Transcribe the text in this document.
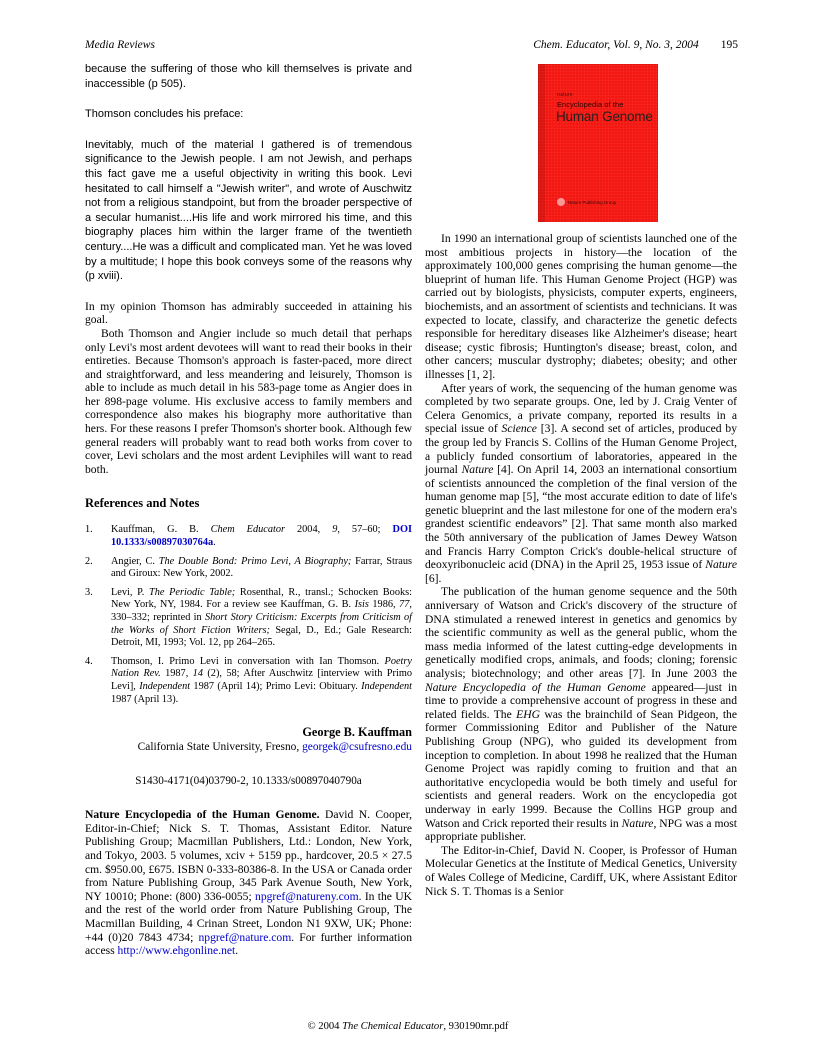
Media Reviews	Chem. Educator, Vol. 9, No. 3, 2004 195

because the suffering of those who kill themselves is private and inaccessible (p 505).

Thomson concludes his preface:

Inevitably, much of the material I gathered is of tremendous significance to the Jewish people. I am not Jewish, and perhaps this fact gave me a useful objectivity in writing this book. Levi hesitated to call himself a "Jewish writer", and wrote of Auschwitz not from a religious standpoint, but from the broader perspective of a secular humanist....His life and work mirrored his time, and this biography places him within the larger frame of the twentieth century....He was a difficult and complicated man. Yet he was loved by a multitude; I hope this book conveys some of the reasons why (p xviii).

In my opinion Thomson has admirably succeeded in attaining his goal.

Both Thomson and Angier include so much detail that perhaps only Levi's most ardent devotees will want to read their books in their entireties. Because Thomson's approach is faster-paced, more direct and straightforward, and less meandering and leisurely, Thomson is able to include as much detail in his 583-page tome as Angier does in her 898-page volume. His exclusive access to family members and correspondence also makes his biography more authoritative than hers. For these reasons I prefer Thomson's shorter book. Although few general readers will probably want to read both works from cover to cover, Levi scholars and the most ardent Leviphiles will want to read both.

References and Notes
1.	Kauffman, G. B. Chem Educator 2004, 9, 57–60; DOI 10.1333/s00897030764a.
2.	Angier, C. The Double Bond: Primo Levi, A Biography; Farrar, Straus and Giroux: New York, 2002.
3.	Levi, P. The Periodic Table; Rosenthal, R., transl.; Schocken Books: New York, NY, 1984. For a review see Kauffman, G. B. Isis 1986, 77, 330–332; reprinted in Short Story Criticism: Excerpts from Criticism of the Works of Short Fiction Writers; Segal, D., Ed.; Gale Research: Detroit, MI, 1993; Vol. 12, pp 264–265.
4.	Thomson, I. Primo Levi in conversation with Ian Thomson. Poetry Nation Rev. 1987, 14 (2), 58; After Auschwitz [interview with Primo Levi], Independent 1987 (April 14); Primo Levi: Obituary. Independent 1987 (April 13).

George B. Kauffman

California State University, Fresno, georgek@csufresno.edu

S1430-4171(04)03790-2, 10.1333/s00897040790a

Nature Encyclopedia of the Human Genome. David N. Cooper, Editor-in-Chief; Nick S. T. Thomas, Assistant Editor. Nature Publishing Group; Macmillan Publishers, Ltd.: London, New York, and Tokyo, 2003. 5 volumes, xciv + 5159 pp., hardcover, 20.5 × 27.5 cm. $950.00, £675. ISBN 0-333-80386-8. In the USA or Canada order from Nature Publishing Group, 345 Park Avenue South, New York, NY 10010; Phone: (800) 336-0055; npgref@natureny.com. In the UK and the rest of the world order from Nature Publishing Group, The Macmillan Building, 4 Crinan Street, London N1 9XW, UK; Phone: +44 (0)20 7843 4734; npgref@nature.com. For further information access http://www.ehgonline.net.

nature
Encyclopedia of the
Human Genome
Nature Publishing Group

In 1990 an international group of scientists launched one of the most ambitious projects in history—the location of the approximately 100,000 genes comprising the human genome—the blueprint of human life. This Human Genome Project (HGP) was carried out by biologists, physicists, computer experts, engineers, biochemists, and an assortment of scientists and technicians. It was expected to locate, classify, and characterize the genetic defects responsible for hereditary diseases like Alzheimer's disease; heart disease; cystic fibrosis; Huntington's disease; breast, colon, and other cancers; muscular dystrophy; diabetes; obesity; and other illnesses [1, 2].

After years of work, the sequencing of the human genome was completed by two separate groups. One, led by J. Craig Venter of Celera Genomics, a private company, reported its results in a special issue of Science [3]. A second set of articles, produced by the group led by Francis S. Collins of the Human Genome Project, a publicly funded consortium of laboratories, appeared in the journal Nature [4]. On April 14, 2003 an international consortium of scientists announced the completion of the final version of the human genome map [5], “the most accurate edition to date of life's genetic blueprint and the last milestone for one of the modern era's grandest scientific endeavors” [2]. That same month also marked the 50th anniversary of the publication of James Dewey Watson and Francis Harry Compton Crick's double-helical structure of deoxyribonucleic acid (DNA) in the April 25, 1953 issue of Nature [6].

The publication of the human genome sequence and the 50th anniversary of Watson and Crick's discovery of the structure of DNA stimulated a renewed interest in genetics and genomics by the scientific community as well as the general public, whom the mass media informed of the latest cutting-edge developments in genetically modified crops, animals, and foods; cloning; forensic analysis; biotechnology; and other areas [7]. In June 2003 the Nature Encyclopedia of the Human Genome appeared—just in time to provide a comprehensive account of progress in these and related fields. The EHG was the brainchild of Sean Pidgeon, the former Commissioning Editor and Publisher of the Nature Publishing Group (NPG), who guided its development from inception to completion. In about 1998 he realized that the Human Genome Project was rapidly coming to fruition and that an authoritative encyclopedia would be both timely and useful for scientists and general readers. Work on the encyclopedia got underway in early 1999. Because the Collins HGP group and Watson and Crick reported their results in Nature, NPG was a most appropriate publisher.

The Editor-in-Chief, David N. Cooper, is Professor of Human Molecular Genetics at the Institute of Medical Genetics, University of Wales College of Medicine, Cardiff, UK, where Assistant Editor Nick S. T. Thomas is a Senior

© 2004 The Chemical Educator, 930190mr.pdf
